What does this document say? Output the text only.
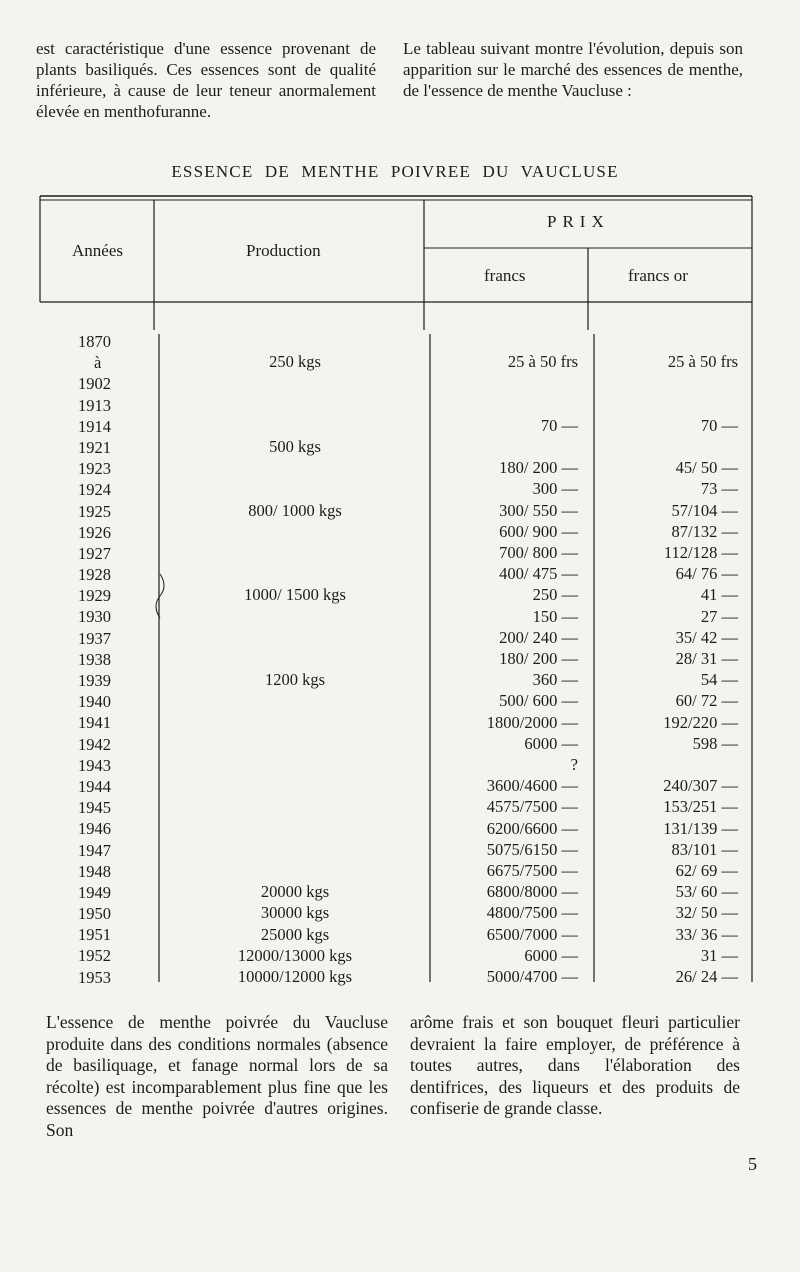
est caractéristique d'une essence provenant de plants basiliqués. Ces essences sont de qualité inférieure, à cause de leur teneur anormalement élevée en menthofuranne.

Le tableau suivant montre l'évolution, depuis son apparition sur le marché des essences de menthe, de l'essence de menthe Vaucluse :

ESSENCE DE MENTHE POIVREE DU VAUCLUSE
Années	Production
PRIX
francs	francs or
1870
à
1902
1913
1914
1921
1923
1924
1925
1926
1927
1928
1929
1930
1937
1938
1939
1940
1941
1942
1943
1944
1945
1946
1947
1948
1949
1950
1951
1952
1953
250 kgs
500 kgs
800/ 1000 kgs
1000/ 1500 kgs
1200 kgs
20000 kgs
30000 kgs
25000 kgs
12000/13000 kgs
10000/12000 kgs
25 à 50 frs
70 —
180/ 200 —
300 —
300/ 550 —
600/ 900 —
700/ 800 —
400/ 475 —
250 —
150 —
200/ 240 —
180/ 200 —
360 —
500/ 600 —
1800/2000 —
6000 —
?
3600/4600 —
4575/7500 —
6200/6600 —
5075/6150 —
6675/7500 —
6800/8000 —
4800/7500 —
6500/7000 —
6000 —
5000/4700 —
25 à 50 frs
70 —
45/ 50 —
73 —
57/104 —
87/132 —
112/128 —
64/ 76 —
41 —
27 —
35/ 42 —
28/ 31 —
54 —
60/ 72 —
192/220 —
598 —
240/307 —
153/251 —
131/139 —
83/101 —
62/ 69 —
53/ 60 —
32/ 50 —
33/ 36 —
31 —
26/ 24 —

L'essence de menthe poivrée du Vaucluse produite dans des conditions normales (absence de basiliquage, et fanage normal lors de sa récolte) est incomparablement plus fine que les essences de menthe poivrée d'autres origines. Son

arôme frais et son bouquet fleuri particulier devraient la faire employer, de préférence à toutes autres, dans l'élaboration des dentifrices, des liqueurs et des produits de confiserie de grande classe.

5
